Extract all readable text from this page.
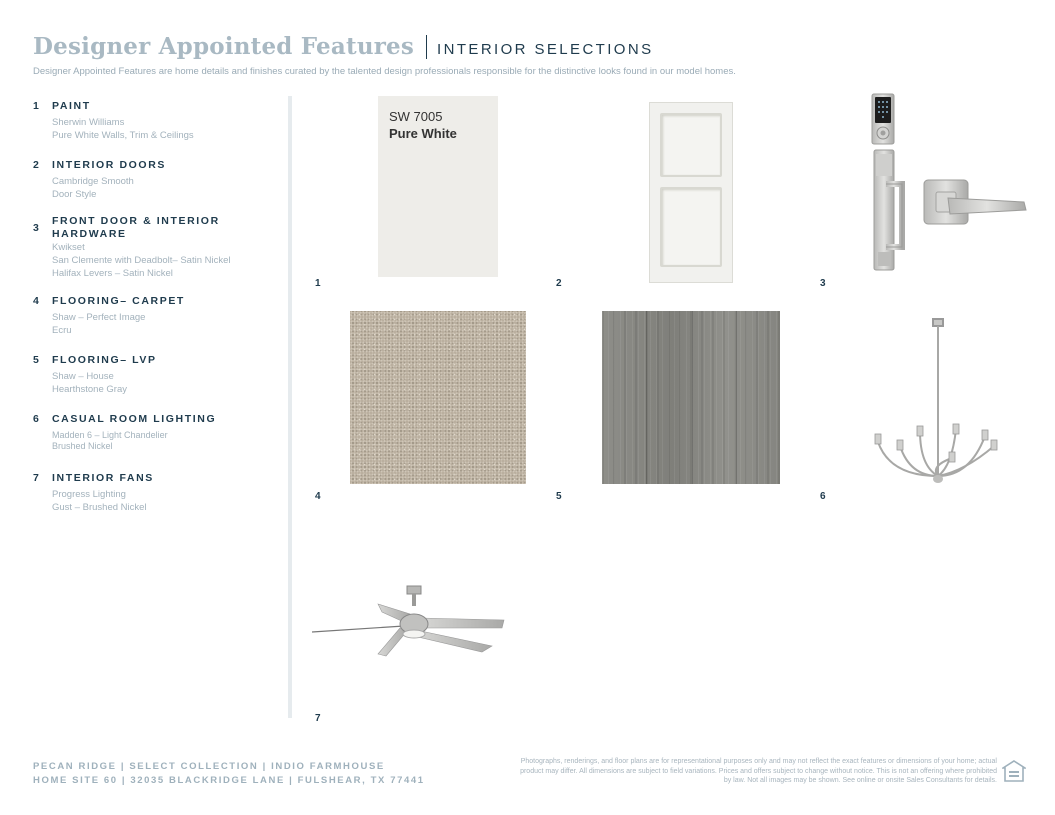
Designer Appointed Features INTERIOR SELECTIONS
Designer Appointed Features are home details and finishes curated by the talented design professionals responsible for the distinctive looks found in our model homes.
1	PAINT
Sherwin Williams
Pure White Walls, Trim & Ceilings
2	INTERIOR DOORS
Cambridge Smooth
Door Style
3
FRONT DOOR & INTERIOR HARDWARE
Kwikset
San Clemente with Deadbolt– Satin Nickel
Halifax Levers – Satin Nickel
4	FLOORING– CARPET
Shaw – Perfect Image
Ecru
5	FLOORING– LVP
Shaw – House
Hearthstone Gray
6	CASUAL ROOM LIGHTING
Madden 6 – Light Chandelier
Brushed Nickel
7	INTERIOR FANS
Progress Lighting
Gust – Brushed Nickel
SW 7005
Pure White
1	2	3
4	5	6
7
PECAN RIDGE | SELECT COLLECTION | INDIO FARMHOUSE
HOME SITE 60 | 32035 BLACKRIDGE LANE | FULSHEAR, TX 77441
Photographs, renderings, and floor plans are for representational purposes only and may not reflect the exact features or dimensions of your home; actual product may differ. All dimensions are subject to field variations. Prices and offers subject to change without notice. This is not an offering where prohibited by law. Not all images may be shown. See online or onsite Sales Consultants for details.
